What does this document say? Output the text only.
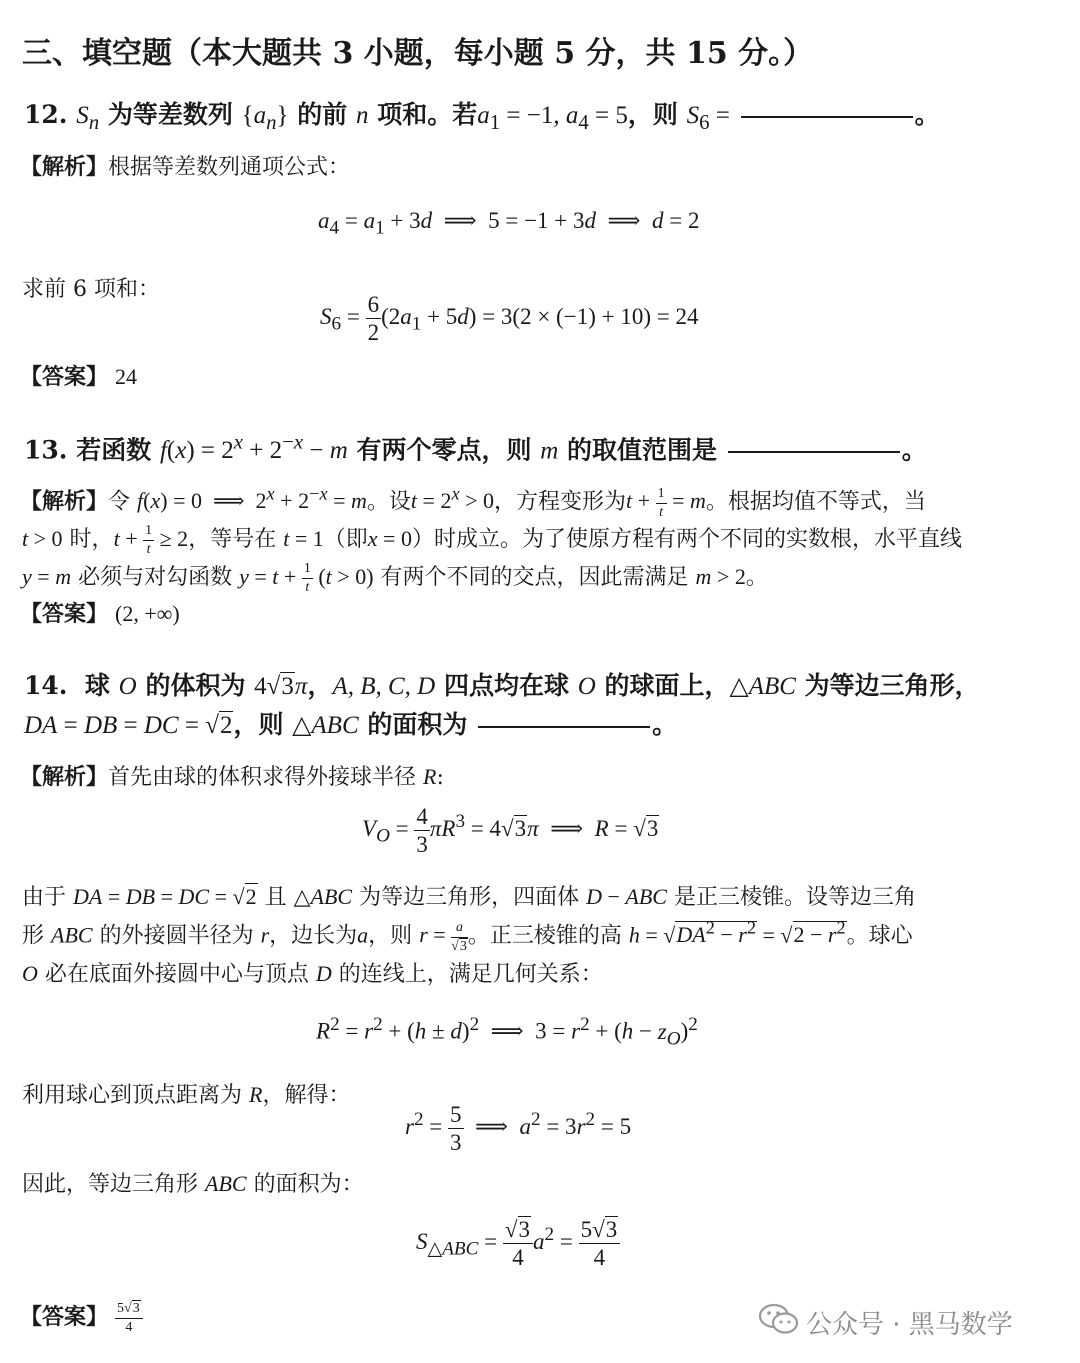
三、填空题（本大题共 3 小题，每小题 5 分，共 15 分。）
12. $S_n$ 为等差数列 $\{a_n\}$ 的前 n 项和。若$a_1 = -1$, $a_4 = 5$，则 $S_6$ =	。
【解析】根据等差数列通项公式：
$a_4 = a_1 + 3d$  ⟹  5 = −1 + 3d  ⟹  d = 2
求前 6 项和：
$S_6 = \frac{6}{2} (2a_1 + 5d) = 3(2 \times (-1) + 10) = 24$
【答案】 24
13. 若函数 $f(x) = 2^x + 2^{-x} - m$ 有两个零点，则 m 的取值范围是	。
【解析】令 f(x) = 0  ⟹  $2^x + 2^{-x} = m$。设$t = 2^x > 0$，方程变形为$t + \frac{1}{t} = m$。根据均值不等式，当
t > 0 时，$t + \frac{1}{t} \ge 2$，等号在 t = 1（即x = 0）时成立。为了使原方程有两个不同的实数根，水平直线
y = m 必须与对勾函数 $y = t + \frac{1}{t} (t > 0)$ 有两个不同的交点，因此需满足 m > 2。
【答案】 (2, +∞)
14. 球 O 的体积为 4√3π，A, B, C, D 四点均在球 O 的球面上，△ABC 为等边三角形，
DA = DB = DC = √2，则 △ABC 的面积为	。
【解析】首先由球的体积求得外接球半径 R:
$V_O = \frac{4}{3} \pi R^3 = 4√3\pi$  ⟹  R = √3
由于 DA = DB = DC = √2 且 △ABC 为等边三角形，四面体 D − ABC 是正三棱锥。设等边三角
形 ABC 的外接圆半径为 r，边长为a，则 $r = \frac{a}{√3}$ 。正三棱锥的高 $h = √DA^2 - r^2 = √2 - r^2$。球心
O 必在底面外接圆中心与顶点 D 的连线上，满足几何关系：
$R^2 = r^2 + (h \pm d)^2$  ⟹  $3 = r^2 + (h - z_O)^2$
利用球心到顶点距离为 R，解得：
$r^2 = \frac{5}{3}$ ⟹  $a^2 = 3r^2 = 5$
因此，等边三角形 ABC 的面积为：
$S_{\triangle ABC} = \frac{√3}{4} a^2 = \frac{5√3}{4}$
【答案】 $\frac{5√3}{4}$	公众号 · 黑马数学
